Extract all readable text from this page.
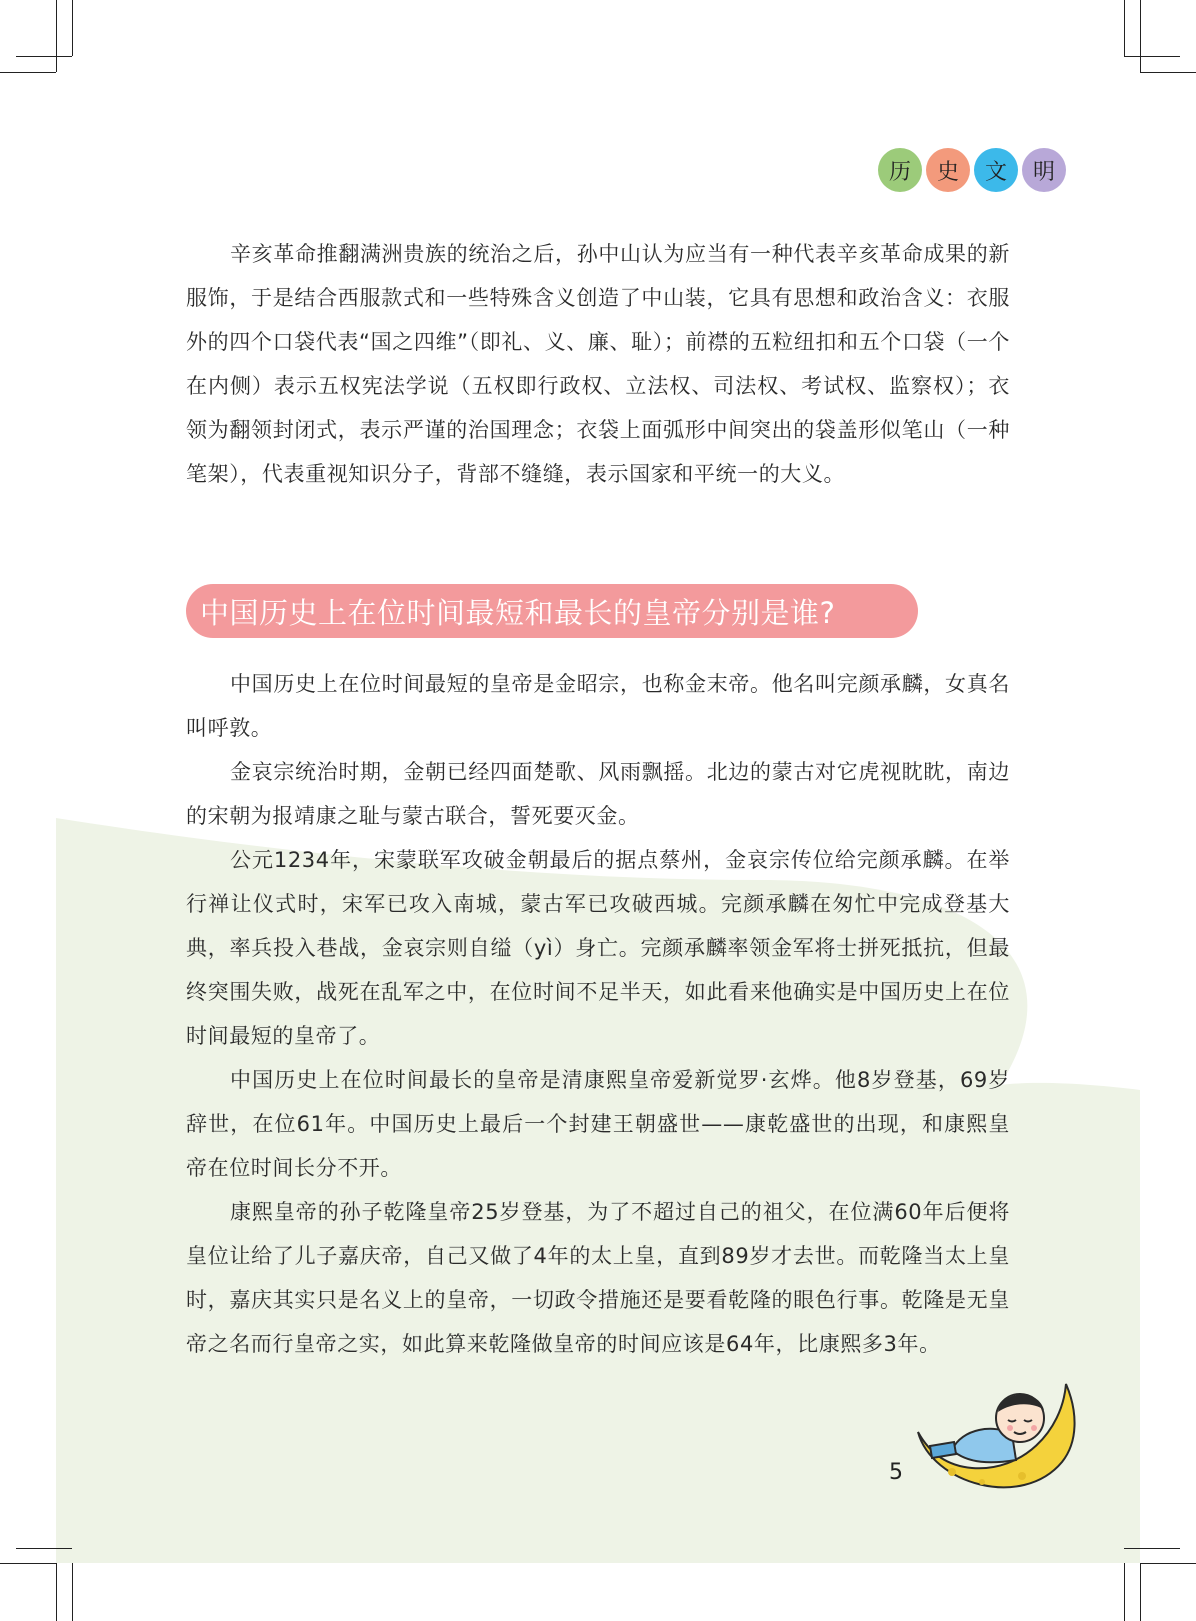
历	史	文	明

辛亥革命推翻满洲贵族的统治之后，孙中山认为应当有一种代表辛亥革命成果的新服饰，于是结合西服款式和一些特殊含义创造了中山装，它具有思想和政治含义：衣服外的四个口袋代表“国之四维”（即礼、义、廉、耻）；前襟的五粒纽扣和五个口袋（一个在内侧）表示五权宪法学说（五权即行政权、立法权、司法权、考试权、监察权）；衣领为翻领封闭式，表示严谨的治国理念；衣袋上面弧形中间突出的袋盖形似笔山（一种笔架），代表重视知识分子，背部不缝缝，表示国家和平统一的大义。

中国历史上在位时间最短和最长的皇帝分别是谁?

中国历史上在位时间最短的皇帝是金昭宗，也称金末帝。他名叫完颜承麟，女真名叫呼敦。

金哀宗统治时期，金朝已经四面楚歌、风雨飘摇。北边的蒙古对它虎视眈眈，南边的宋朝为报靖康之耻与蒙古联合，誓死要灭金。

公元1234年，宋蒙联军攻破金朝最后的据点蔡州，金哀宗传位给完颜承麟。在举行禅让仪式时，宋军已攻入南城，蒙古军已攻破西城。完颜承麟在匆忙中完成登基大典，率兵投入巷战，金哀宗则自缢（yì）身亡。完颜承麟率领金军将士拼死抵抗，但最终突围失败，战死在乱军之中，在位时间不足半天，如此看来他确实是中国历史上在位时间最短的皇帝了。

中国历史上在位时间最长的皇帝是清康熙皇帝爱新觉罗·玄烨。他8岁登基，69岁辞世，在位61年。中国历史上最后一个封建王朝盛世——康乾盛世的出现，和康熙皇帝在位时间长分不开。

康熙皇帝的孙子乾隆皇帝25岁登基，为了不超过自己的祖父，在位满60年后便将皇位让给了儿子嘉庆帝，自己又做了4年的太上皇，直到89岁才去世。而乾隆当太上皇时，嘉庆其实只是名义上的皇帝，一切政令措施还是要看乾隆的眼色行事。乾隆是无皇帝之名而行皇帝之实，如此算来乾隆做皇帝的时间应该是64年，比康熙多3年。

5
